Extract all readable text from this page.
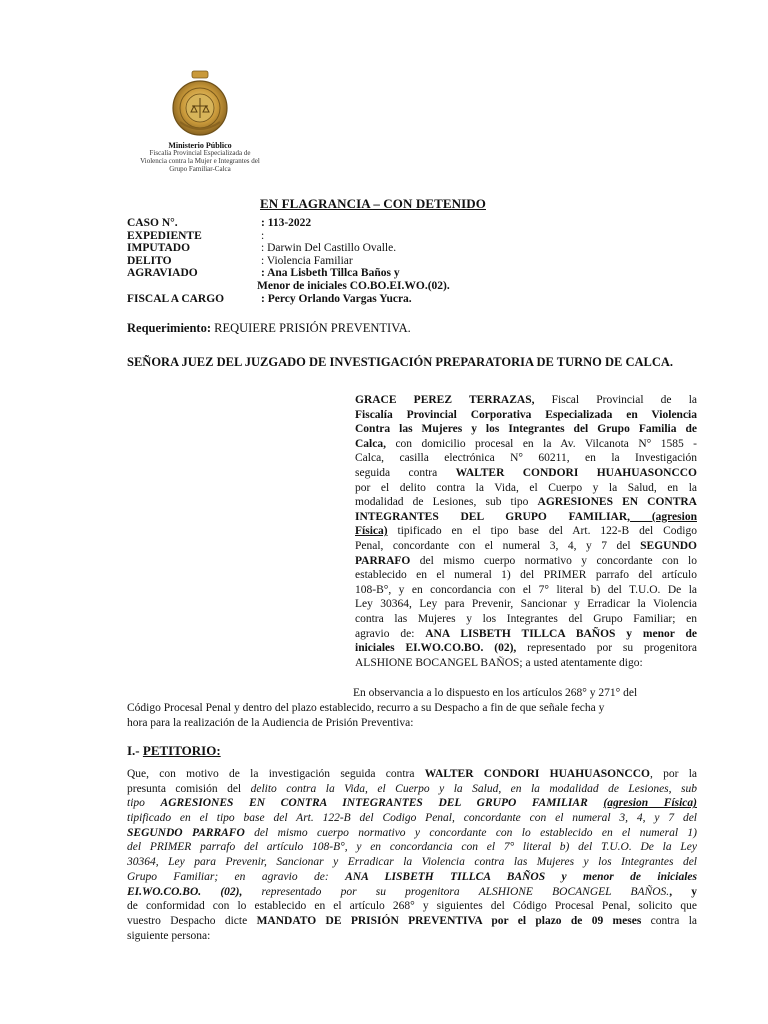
Ministerio Público
Fiscalía Provincial Especializada de
Violencia contra la Mujer e Integrantes del
Grupo Familiar-Calca
EN FLAGRANCIA – CON DETENIDO
CASO N°.	: 113-2022
EXPEDIENTE	:
IMPUTADO	: Darwin Del Castillo Ovalle.
DELITO	: Violencia Familiar
AGRAVIADO	: Ana Lisbeth Tillca Baños y
Menor de iniciales CO.BO.EI.WO.(02).
FISCAL A CARGO	: Percy Orlando Vargas Yucra.
Requerimiento: REQUIERE PRISIÓN PREVENTIVA.
SEÑORA JUEZ DEL JUZGADO DE INVESTIGACIÓN PREPARATORIA DE TURNO DE CALCA.
GRACE PEREZ TERRAZAS, Fiscal Provincial de la
Fiscalía Provincial Corporativa Especializada en Violencia
Contra las Mujeres y los Integrantes del Grupo Familia de
Calca, con domicilio procesal en la Av. Vilcanota N° 1585 -
Calca, casilla electrónica N° 60211, en la Investigación
seguida contra WALTER CONDORI HUAHUASONCCO
por el delito contra la Vida, el Cuerpo y la Salud, en la
modalidad de Lesiones, sub tipo AGRESIONES EN CONTRA
INTEGRANTES DEL GRUPO FAMILIAR, (agresion
Física) tipificado en el tipo base del Art. 122-B del Codigo
Penal, concordante con el numeral 3, 4, y 7 del SEGUNDO
PARRAFO del mismo cuerpo normativo y concordante con lo
establecido en el numeral 1) del PRIMER parrafo del artículo
108-B°, y en concordancia con el 7° literal b) del T.U.O. De la
Ley 30364, Ley para Prevenir, Sancionar y Erradicar la Violencia
contra las Mujeres y los Integrantes del Grupo Familiar; en
agravio de: ANA LISBETH TILLCA BAÑOS y menor de
iniciales EI.WO.CO.BO. (02), representado por su progenitora
ALSHIONE BOCANGEL BAÑOS; a usted atentamente digo:
En observancia a lo dispuesto en los artículos 268° y 271° del
Código Procesal Penal y dentro del plazo establecido, recurro a su Despacho a fin de que señale fecha y
hora para la realización de la Audiencia de Prisión Preventiva:
I.- PETITORIO:
Que, con motivo de la investigación seguida contra WALTER CONDORI HUAHUASONCCO, por la
presunta comisión del delito contra la Vida, el Cuerpo y la Salud, en la modalidad de Lesiones, sub
tipo AGRESIONES EN CONTRA INTEGRANTES DEL GRUPO FAMILIAR (agresion Física)
tipificado en el tipo base del Art. 122-B del Codigo Penal, concordante con el numeral 3, 4, y 7 del
SEGUNDO PARRAFO del mismo cuerpo normativo y concordante con lo establecido en el numeral 1)
del PRIMER parrafo del artículo 108-B°, y en concordancia con el 7° literal b) del T.U.O. De la Ley
30364, Ley para Prevenir, Sancionar y Erradicar la Violencia contra las Mujeres y los Integrantes del
Grupo Familiar; en agravio de: ANA LISBETH TILLCA BAÑOS y menor de iniciales
EI.WO.CO.BO. (02), representado por su progenitora ALSHIONE BOCANGEL BAÑOS., y
de conformidad con lo establecido en el artículo 268° y siguientes del Código Procesal Penal, solicito que
vuestro Despacho dicte MANDATO DE PRISIÓN PREVENTIVA por el plazo de 09 meses contra la
siguiente persona:
